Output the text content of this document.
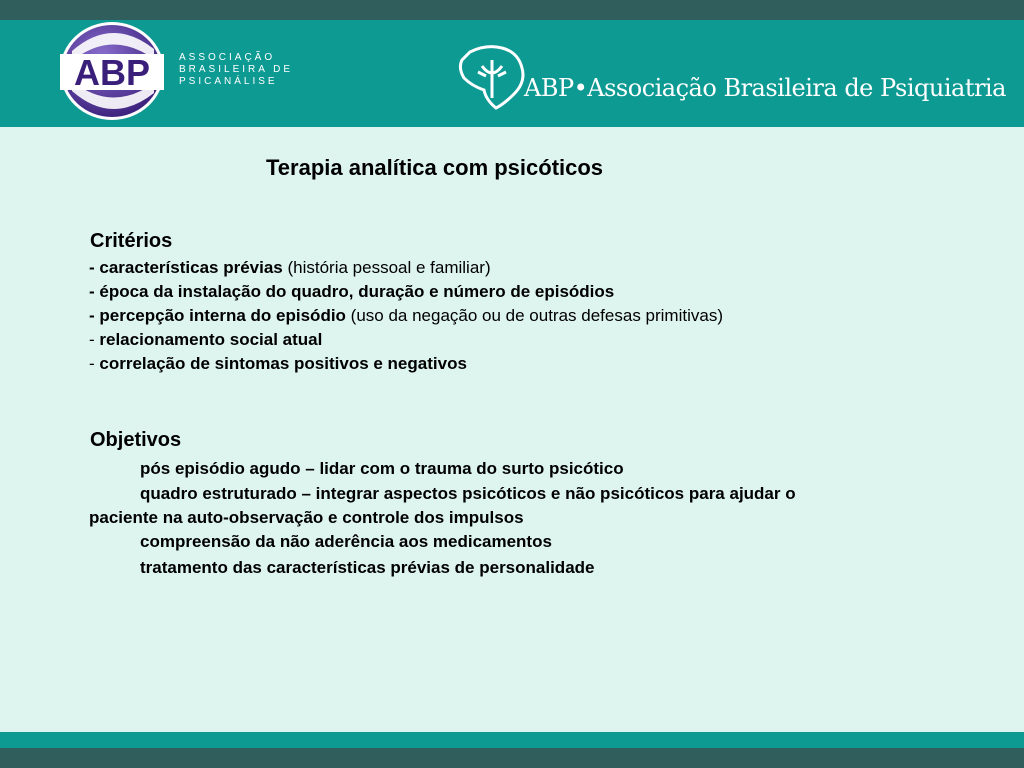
ABP	ASSOCIAÇÃO
BRASILEIRA DE
PSICANÁLISE	ABP•Associação Brasileira de Psiquiatria
Terapia analítica com psicóticos
Critérios
- características prévias (história pessoal e familiar)
- época da instalação do quadro, duração e número de episódios
- percepção interna do episódio (uso da negação ou de outras defesas primitivas)
- relacionamento social atual
- correlação de sintomas positivos e negativos
Objetivos
pós episódio agudo – lidar com o trauma do surto psicótico
quadro estruturado – integrar aspectos psicóticos e não psicóticos para ajudar o
paciente na auto-observação e controle dos impulsos
compreensão da não aderência aos medicamentos
tratamento das características prévias de personalidade
